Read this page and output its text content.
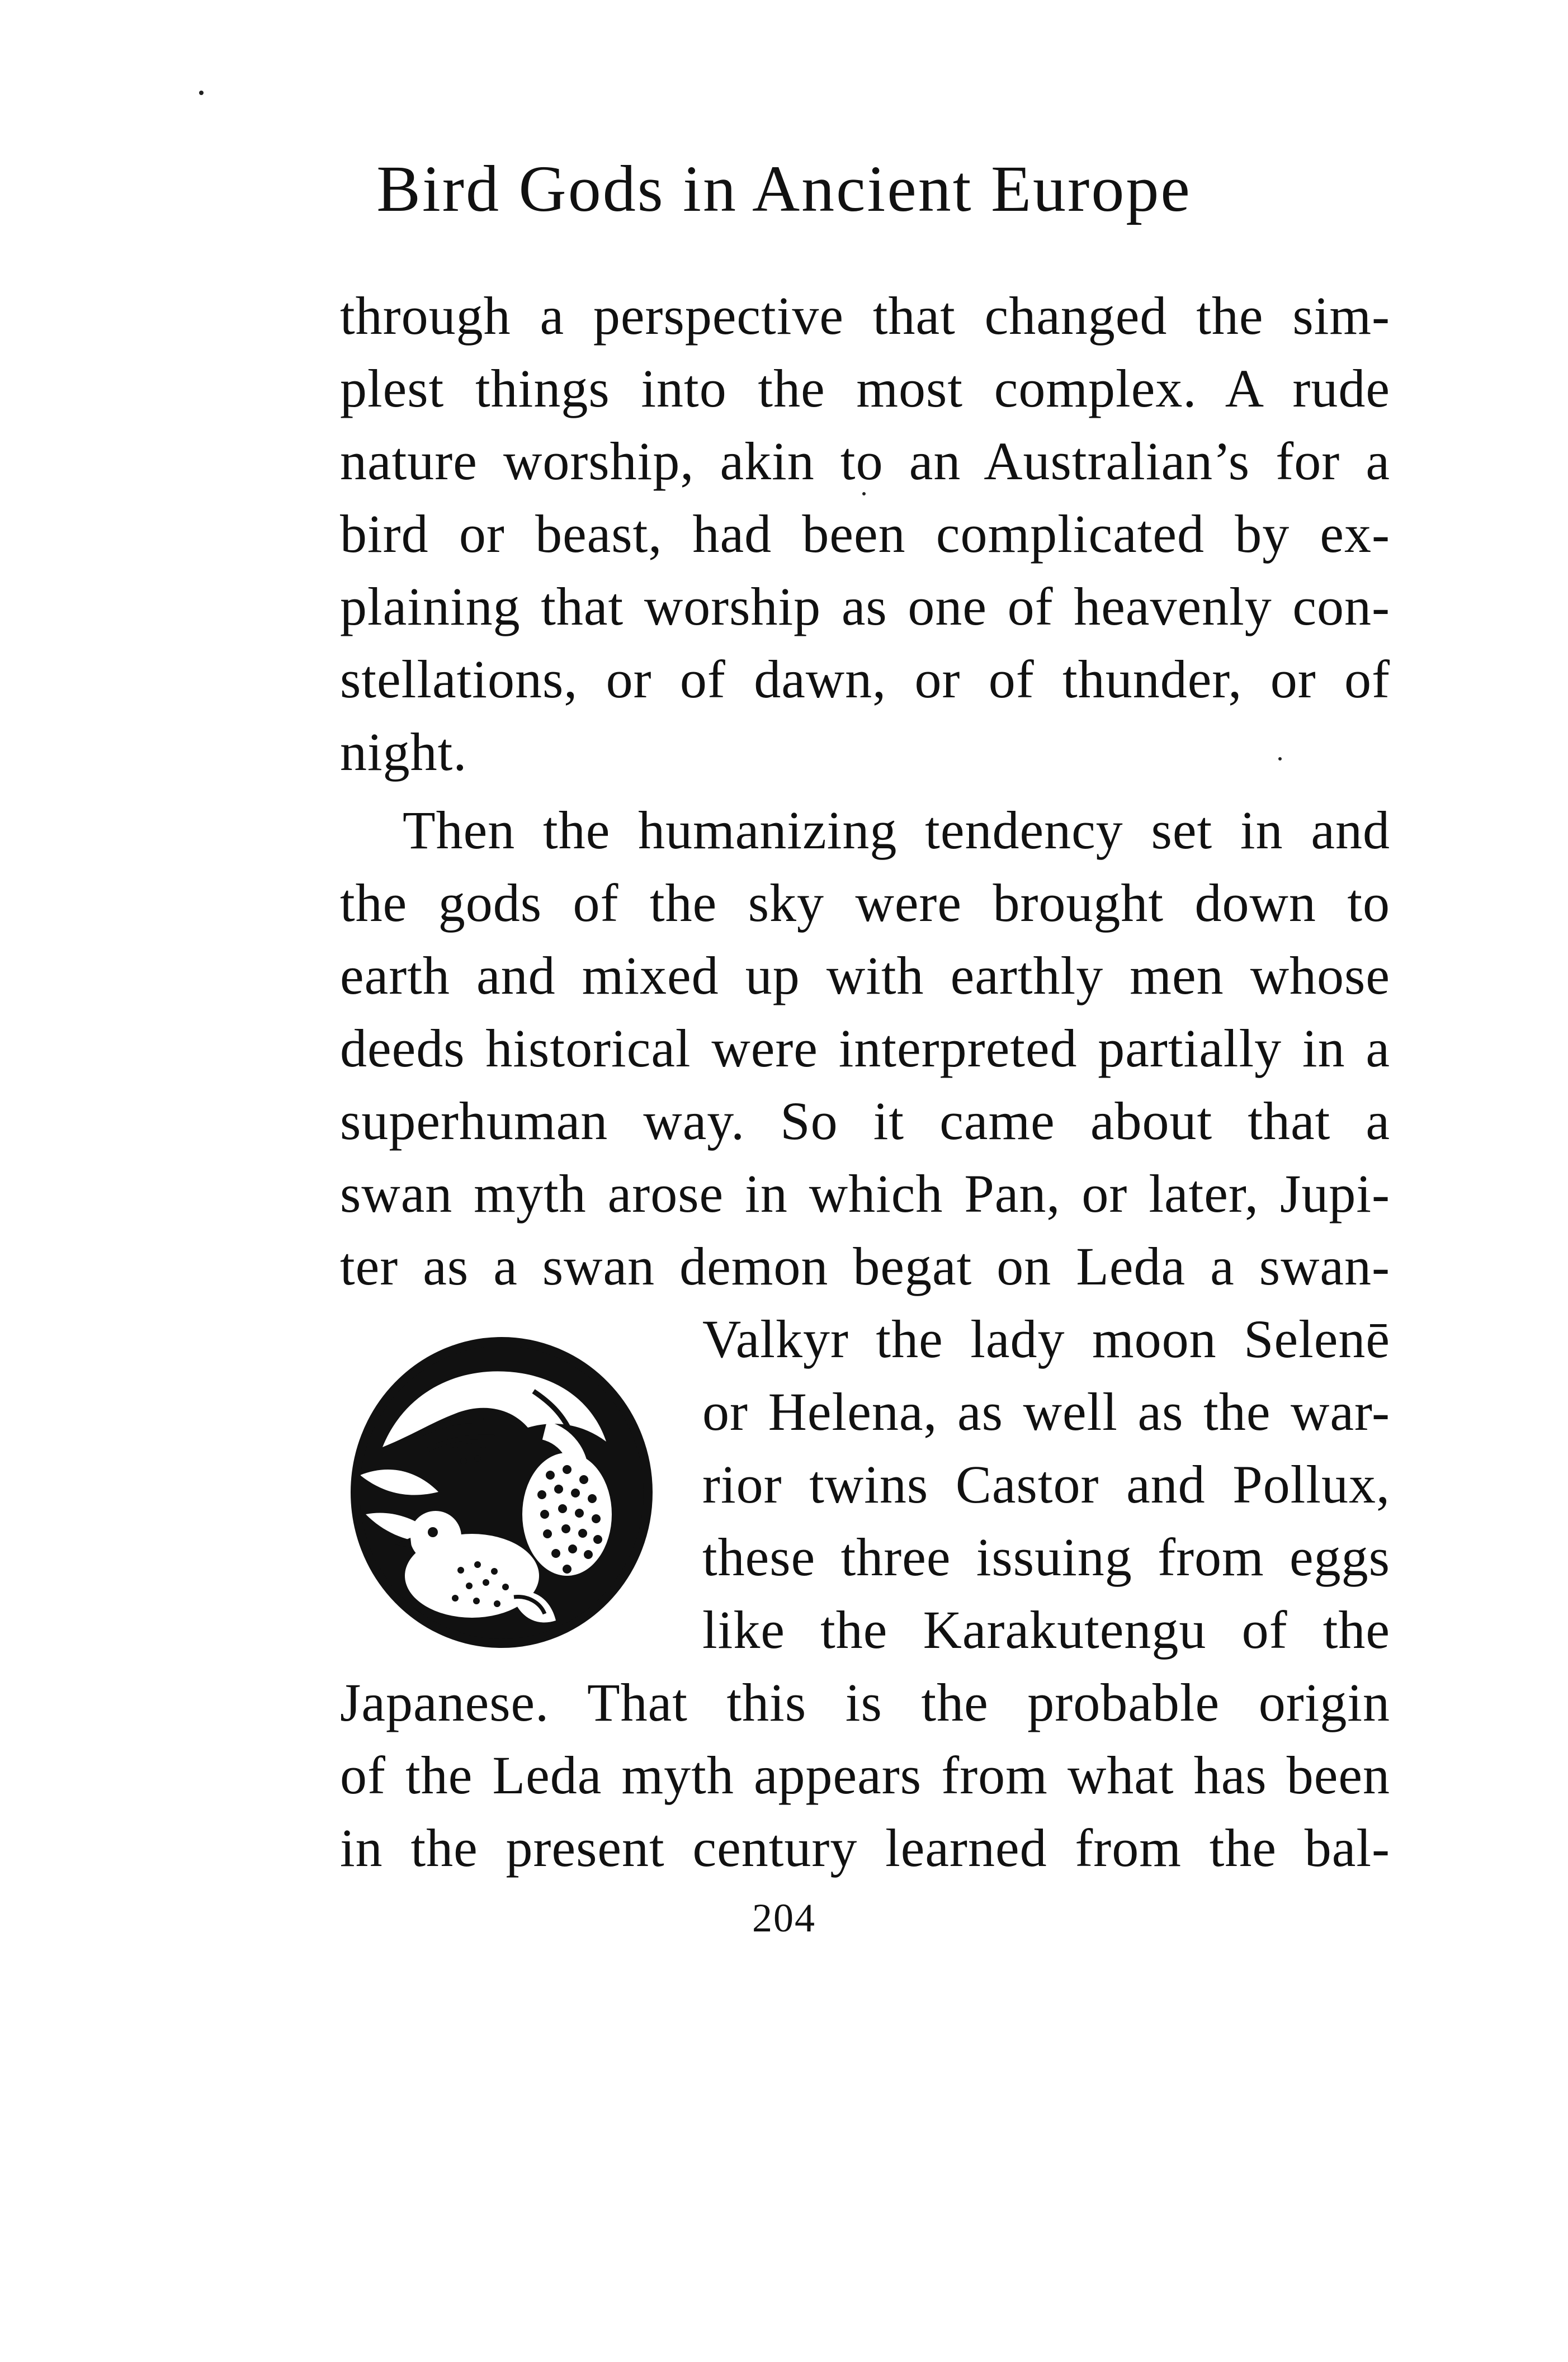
Bird Gods in Ancient Europe
through a perspective that changed the sim-
plest things into the most complex. A rude
nature worship, akin to an Australian’s for a
bird or beast, had been complicated by ex-
plaining that worship as one of heavenly con-
stellations, or of dawn, or of thunder, or of
night.
Then the humanizing tendency set in and
the gods of the sky were brought down to
earth and mixed up with earthly men whose
deeds historical were interpreted partially in a
superhuman way. So it came about that a
swan myth arose in which Pan, or later, Jupi-
ter as a swan demon begat on Leda a swan-
Valkyr the lady moon Selenē
or Helena, as well as the war-
rior twins Castor and Pollux,
these three issuing from eggs
like the Karakutengu of the
Japanese. That this is the probable origin
of the Leda myth appears from what has been
in the present century learned from the bal-
204
